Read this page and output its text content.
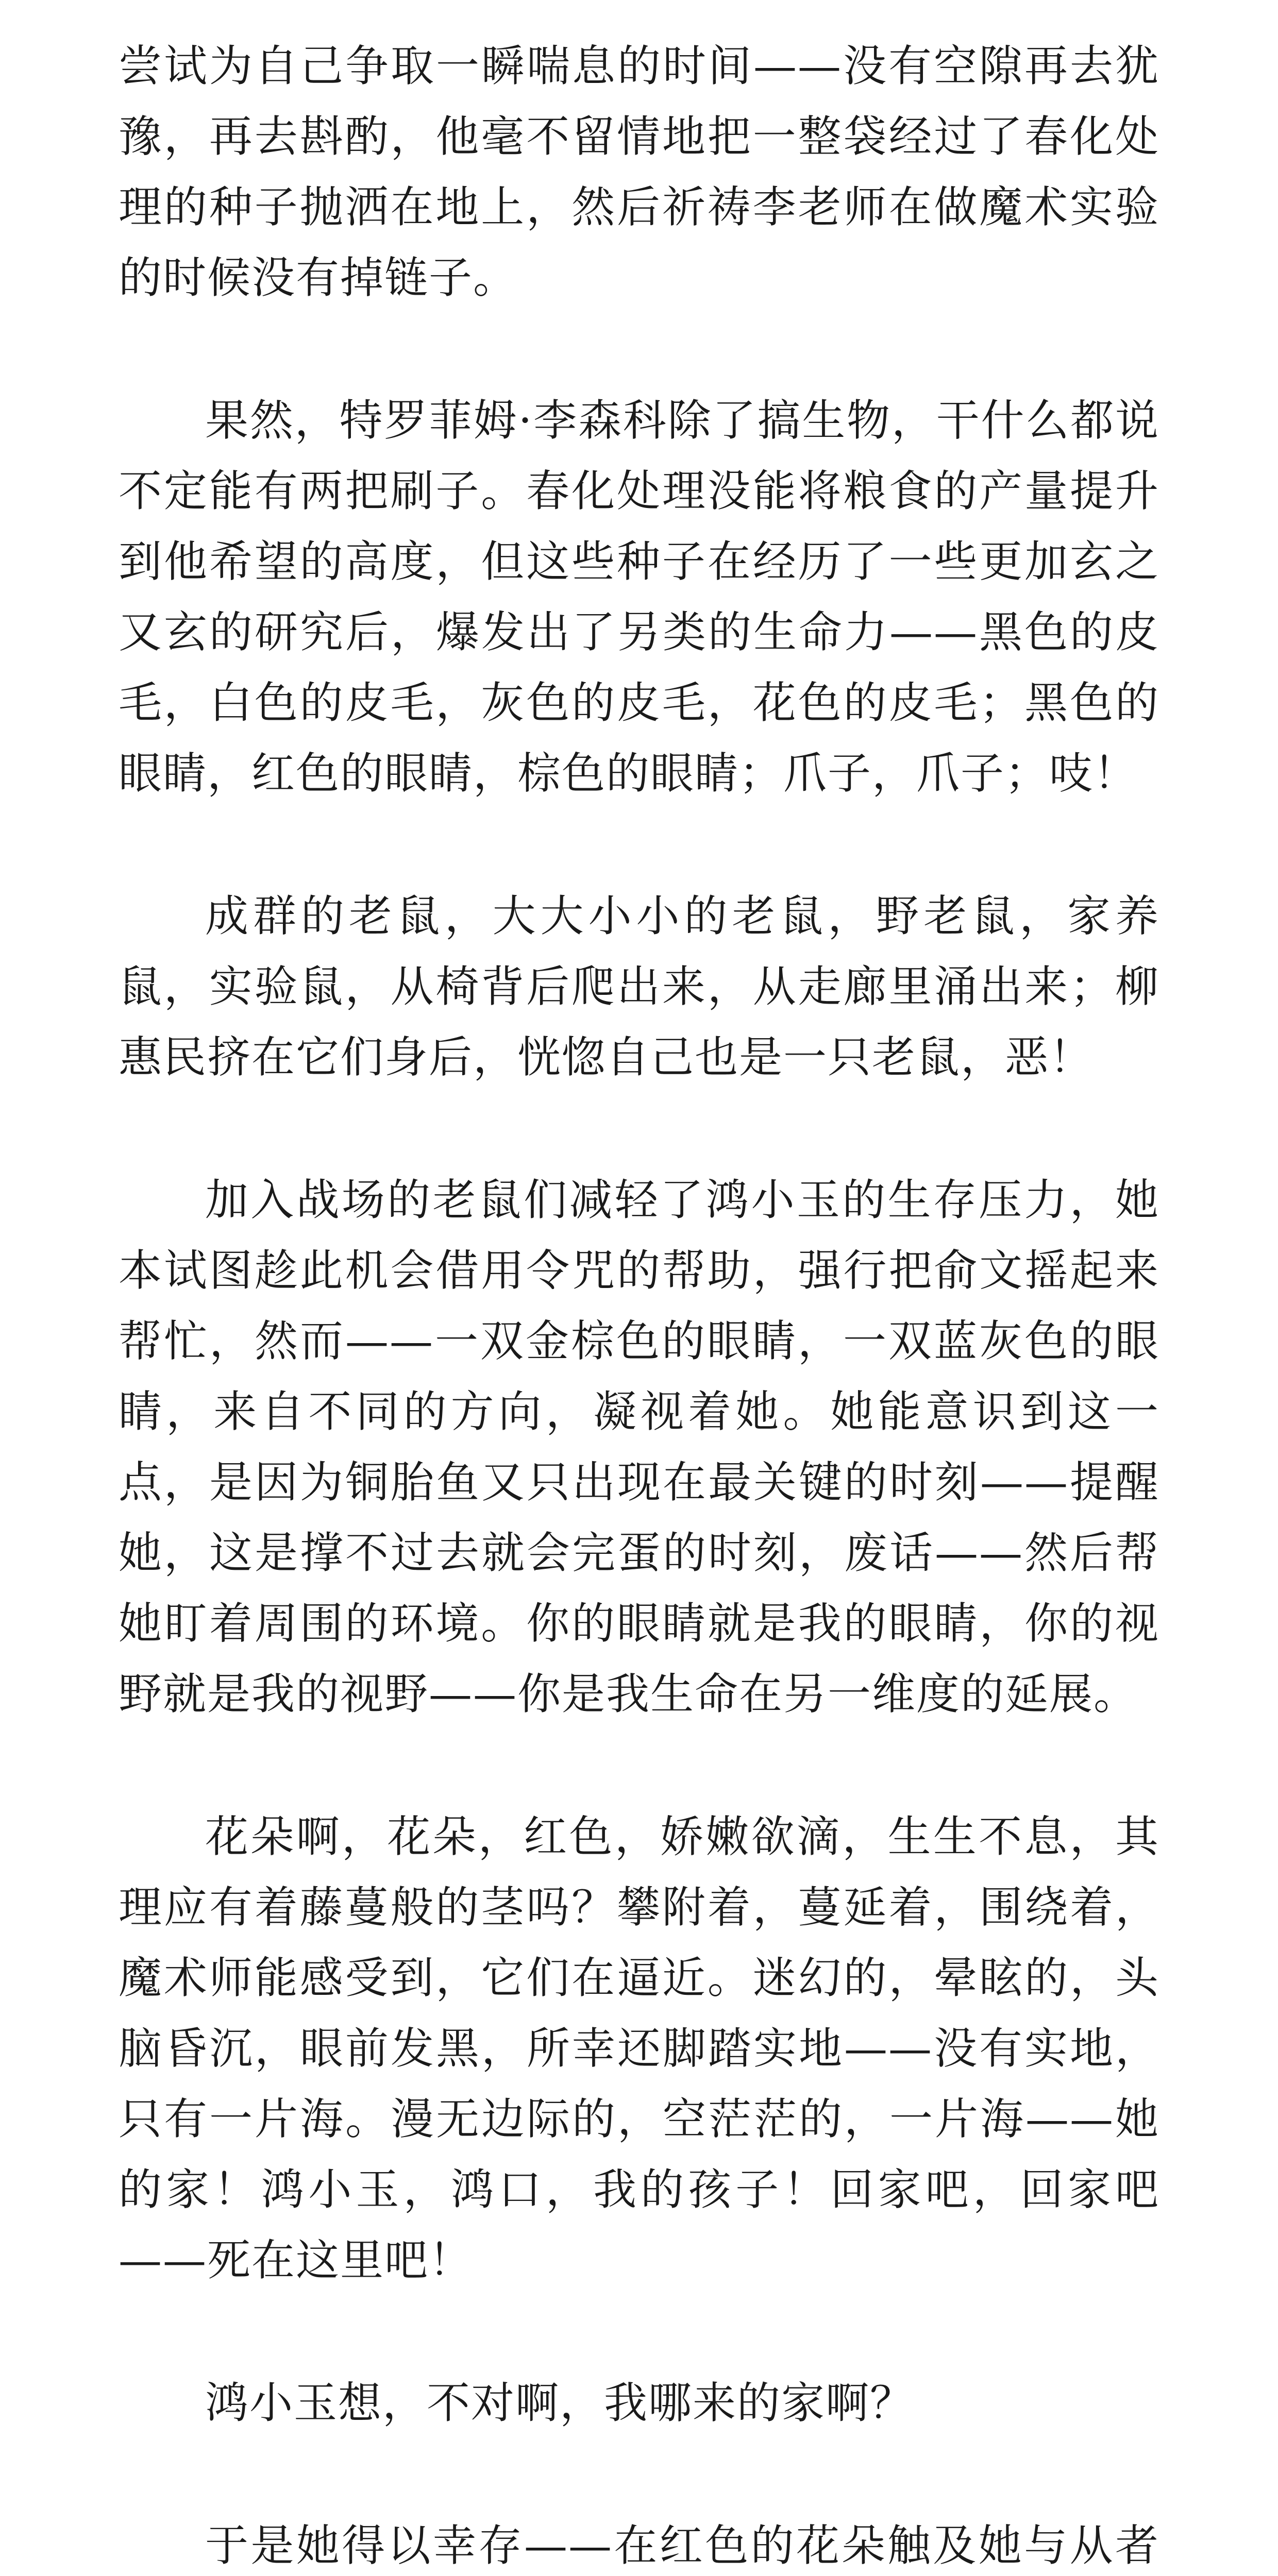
尝试为自己争取一瞬喘息的时间——没有空隙再去犹豫，再去斟酌，他毫不留情地把一整袋经过了春化处理的种子抛洒在地上，然后祈祷李老师在做魔术实验的时候没有掉链子。

果然，特罗菲姆·李森科除了搞生物，干什么都说不定能有两把刷子。春化处理没能将粮食的产量提升到他希望的高度，但这些种子在经历了一些更加玄之又玄的研究后，爆发出了另类的生命力——黑色的皮毛，白色的皮毛，灰色的皮毛，花色的皮毛；黑色的眼睛，红色的眼睛，棕色的眼睛；爪子，爪子；吱！

成群的老鼠，大大小小的老鼠，野老鼠，家养鼠，实验鼠，从椅背后爬出来，从走廊里涌出来；柳惠民挤在它们身后，恍惚自己也是一只老鼠，恶！

加入战场的老鼠们减轻了鸿小玉的生存压力，她本试图趁此机会借用令咒的帮助，强行把俞文摇起来帮忙，然而——一双金棕色的眼睛，一双蓝灰色的眼睛，来自不同的方向，凝视着她。她能意识到这一点，是因为铜胎鱼又只出现在最关键的时刻——提醒她，这是撑不过去就会完蛋的时刻，废话——然后帮她盯着周围的环境。你的眼睛就是我的眼睛，你的视野就是我的视野——你是我生命在另一维度的延展。

花朵啊，花朵，红色，娇嫩欲滴，生生不息，其理应有着藤蔓般的茎吗？攀附着，蔓延着，围绕着，魔术师能感受到，它们在逼近。迷幻的，晕眩的，头脑昏沉，眼前发黑，所幸还脚踏实地——没有实地，只有一片海。漫无边际的，空茫茫的，一片海——她的家！鸿小玉，鸿口，我的孩子！回家吧，回家吧——死在这里吧！

鸿小玉想，不对啊，我哪来的家啊？

于是她得以幸存——在红色的花朵触及她与从者
